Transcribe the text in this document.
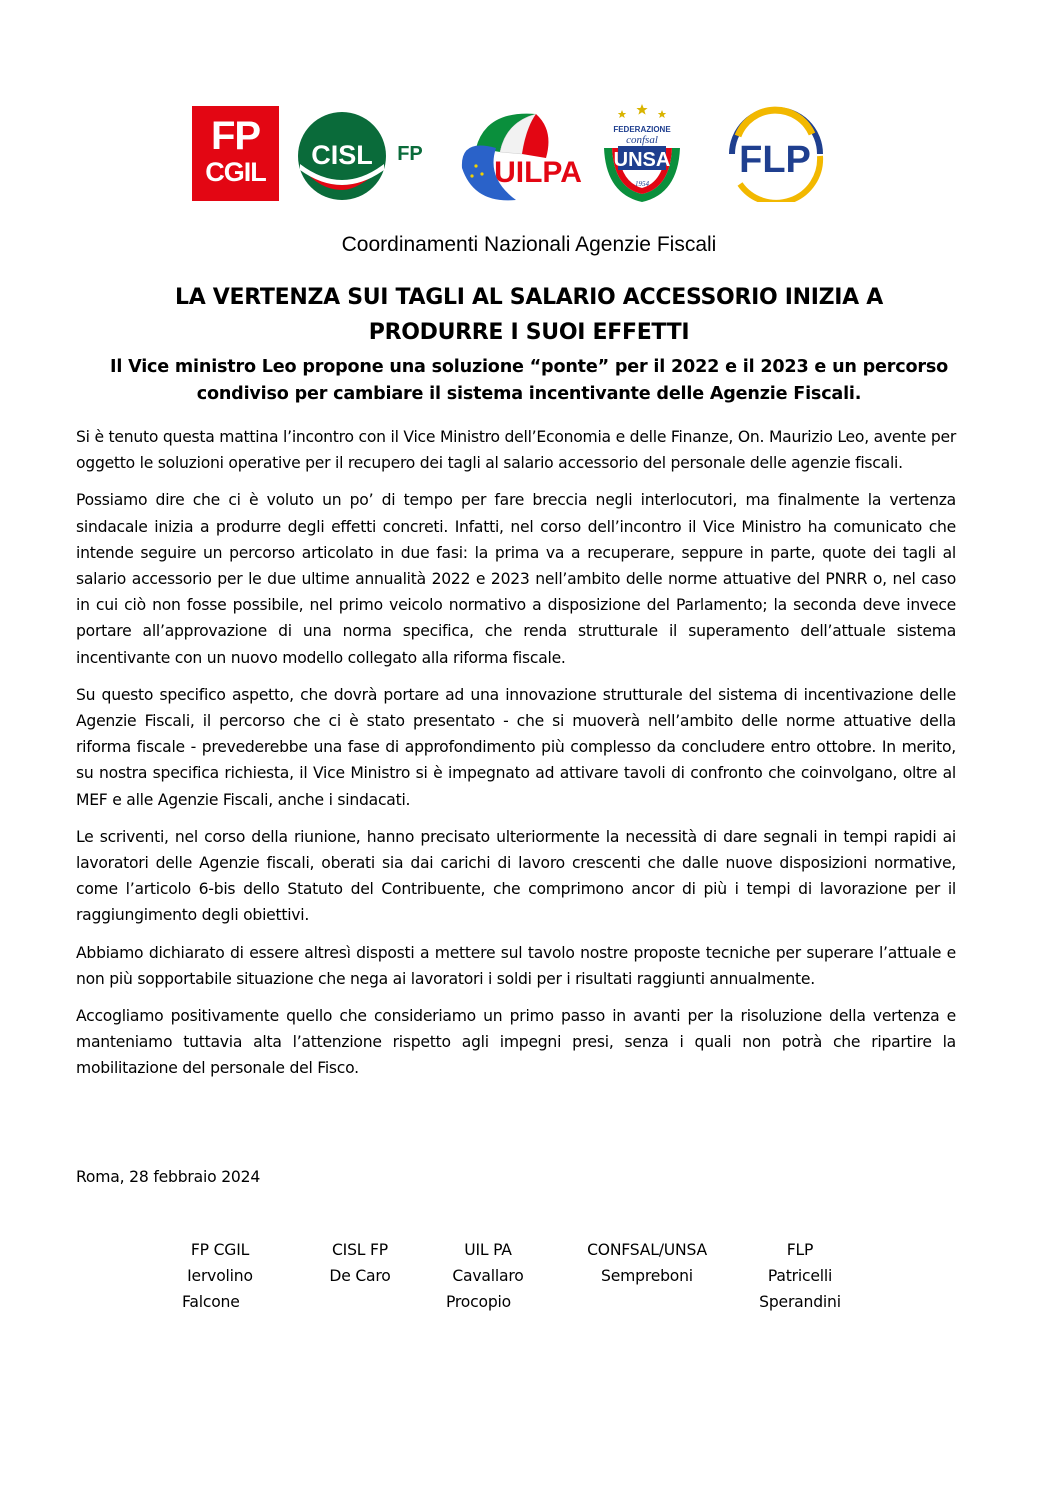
FP
CGIL
CISL FP
UILPA
FEDERAZIONE
confsal
UNSA
1954
FLP
Coordinamenti Nazionali Agenzie Fiscali
LA VERTENZA SUI TAGLI AL SALARIO ACCESSORIO INIZIA A
PRODURRE I SUOI EFFETTI
Il Vice ministro Leo propone una soluzione “ponte” per il 2022 e il 2023 e un percorso
condiviso per cambiare il sistema incentivante delle Agenzie Fiscali.

Si è tenuto questa mattina l’incontro con il Vice Ministro dell’Economia e delle Finanze, On. Maurizio Leo, avente per oggetto le soluzioni operative per il recupero dei tagli al salario accessorio del personale delle agenzie fiscali.

Possiamo dire che ci è voluto un po’ di tempo per fare breccia negli interlocutori, ma finalmente la vertenza sindacale inizia a produrre degli effetti concreti. Infatti, nel corso dell’incontro il Vice Ministro ha comunicato che intende seguire un percorso articolato in due fasi: la prima va a recuperare, seppure in parte, quote dei tagli al salario accessorio per le due ultime annualità 2022 e 2023 nell’ambito delle norme attuative del PNRR o, nel caso in cui ciò non fosse possibile, nel primo veicolo normativo a disposizione del Parlamento; la seconda deve invece portare all’approvazione di una norma specifica, che renda strutturale il superamento dell’attuale sistema incentivante con un nuovo modello collegato alla riforma fiscale.

Su questo specifico aspetto, che dovrà portare ad una innovazione strutturale del sistema di incentivazione delle Agenzie Fiscali, il percorso che ci è stato presentato - che si muoverà nell’ambito delle norme attuative della riforma fiscale - prevederebbe una fase di approfondimento più complesso da concludere entro ottobre. In merito, su nostra specifica richiesta, il Vice Ministro si è impegnato ad attivare tavoli di confronto che coinvolgano, oltre al MEF e alle Agenzie Fiscali, anche i sindacati.

Le scriventi, nel corso della riunione, hanno precisato ulteriormente la necessità di dare segnali in tempi rapidi ai lavoratori delle Agenzie fiscali, oberati sia dai carichi di lavoro crescenti che dalle nuove disposizioni normative, come l’articolo 6-bis dello Statuto del Contribuente, che comprimono ancor di più i tempi di lavorazione per il raggiungimento degli obiettivi.

Abbiamo dichiarato di essere altresì disposti a mettere sul tavolo nostre proposte tecniche per superare l’attuale e non più sopportabile situazione che nega ai lavoratori i soldi per i risultati raggiunti annualmente.

Accogliamo positivamente quello che consideriamo un primo passo in avanti per la risoluzione della vertenza e manteniamo tuttavia alta l’attenzione rispetto agli impegni presi, senza i quali non potrà che ripartire la mobilitazione del personale del Fisco.

Roma, 28 febbraio 2024
FP CGIL
Iervolino
Falcone
CISL FP
De Caro
UIL PA
Cavallaro
Procopio
CONFSAL/UNSA
Sempreboni
FLP
Patricelli
Sperandini
